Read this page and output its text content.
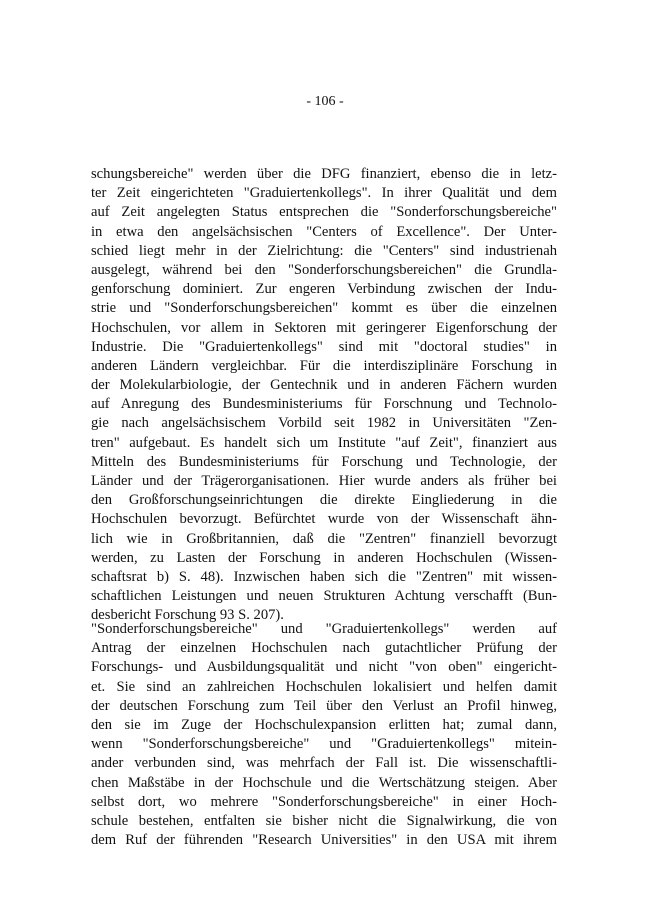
- 106 -
schungsbereiche" werden über die DFG finanziert, ebenso die in letz-
ter Zeit eingerichteten "Graduiertenkollegs". In ihrer Qualität und dem
auf Zeit angelegten Status entsprechen die "Sonderforschungsbereiche"
in etwa den angelsächsischen "Centers of Excellence". Der Unter-
schied liegt mehr in der Zielrichtung: die "Centers" sind industrienah
ausgelegt, während bei den "Sonderforschungsbereichen" die Grundla-
genforschung dominiert. Zur engeren Verbindung zwischen der Indu-
strie und "Sonderforschungsbereichen" kommt es über die einzelnen
Hochschulen, vor allem in Sektoren mit geringerer Eigenforschung der
Industrie. Die "Graduiertenkollegs" sind mit "doctoral studies" in
anderen Ländern vergleichbar. Für die interdisziplinäre Forschung in
der Molekularbiologie, der Gentechnik und in anderen Fächern wurden
auf Anregung des Bundesministeriums für Forschnung und Technolo-
gie nach angelsächsischem Vorbild seit 1982 in Universitäten "Zen-
tren" aufgebaut. Es handelt sich um Institute "auf Zeit", finanziert aus
Mitteln des Bundesministeriums für Forschung und Technologie, der
Länder und der Trägerorganisationen. Hier wurde anders als früher bei
den Großforschungseinrichtungen die direkte Eingliederung in die
Hochschulen bevorzugt. Befürchtet wurde von der Wissenschaft ähn-
lich wie in Großbritannien, daß die "Zentren" finanziell bevorzugt
werden, zu Lasten der Forschung in anderen Hochschulen (Wissen-
schaftsrat b) S. 48). Inzwischen haben sich die "Zentren" mit wissen-
schaftlichen Leistungen und neuen Strukturen Achtung verschafft (Bun-
desbericht Forschung 93 S. 207).
"Sonderforschungsbereiche" und "Graduiertenkollegs" werden auf
Antrag der einzelnen Hochschulen nach gutachtlicher Prüfung der
Forschungs- und Ausbildungsqualität und nicht "von oben" eingericht-
et. Sie sind an zahlreichen Hochschulen lokalisiert und helfen damit
der deutschen Forschung zum Teil über den Verlust an Profil hinweg,
den sie im Zuge der Hochschulexpansion erlitten hat; zumal dann,
wenn "Sonderforschungsbereiche" und "Graduiertenkollegs" mitein-
ander verbunden sind, was mehrfach der Fall ist. Die wissenschaftli-
chen Maßstäbe in der Hochschule und die Wertschätzung steigen. Aber
selbst dort, wo mehrere "Sonderforschungsbereiche" in einer Hoch-
schule bestehen, entfalten sie bisher nicht die Signalwirkung, die von
dem Ruf der führenden "Research Universities" in den USA mit ihrem
